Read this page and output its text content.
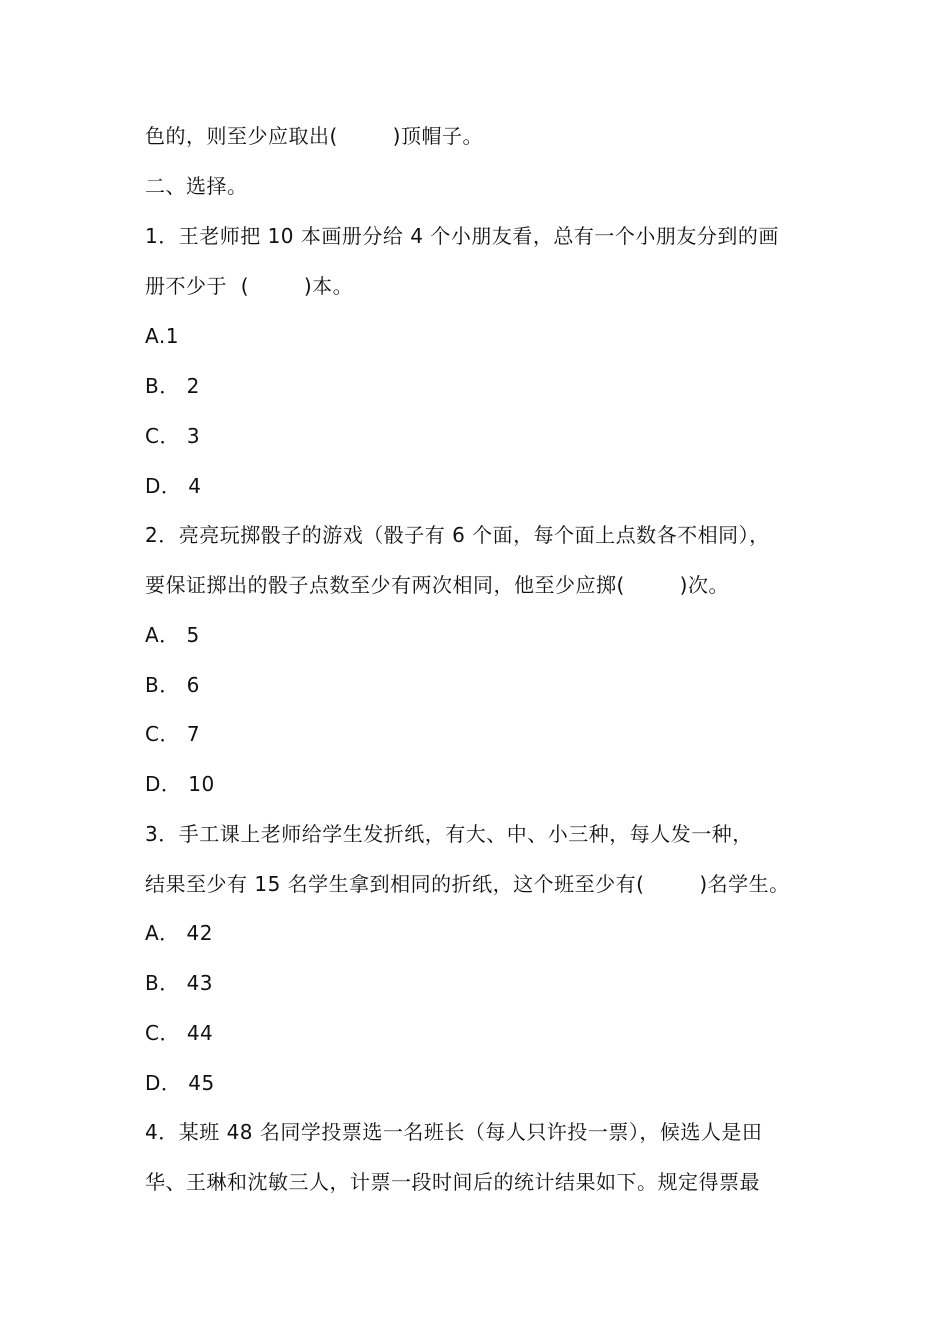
色的，则至少应取出(        )顶帽子。
二、选择。
1．王老师把 10 本画册分给 4 个小朋友看，总有一个小朋友分到的画
册不少于  (        )本。
A.1
B． 2
C． 3
D． 4
2．亮亮玩掷骰子的游戏（骰子有 6 个面，每个面上点数各不相同），
要保证掷出的骰子点数至少有两次相同，他至少应掷(        )次。
A． 5
B． 6
C． 7
D． 10
3．手工课上老师给学生发折纸，有大、中、小三种，每人发一种，
结果至少有 15 名学生拿到相同的折纸，这个班至少有(        )名学生。
A． 42
B． 43
C． 44
D． 45
4．某班 48 名同学投票选一名班长（每人只许投一票），候选人是田
华、王琳和沈敏三人，计票一段时间后的统计结果如下。规定得票最
